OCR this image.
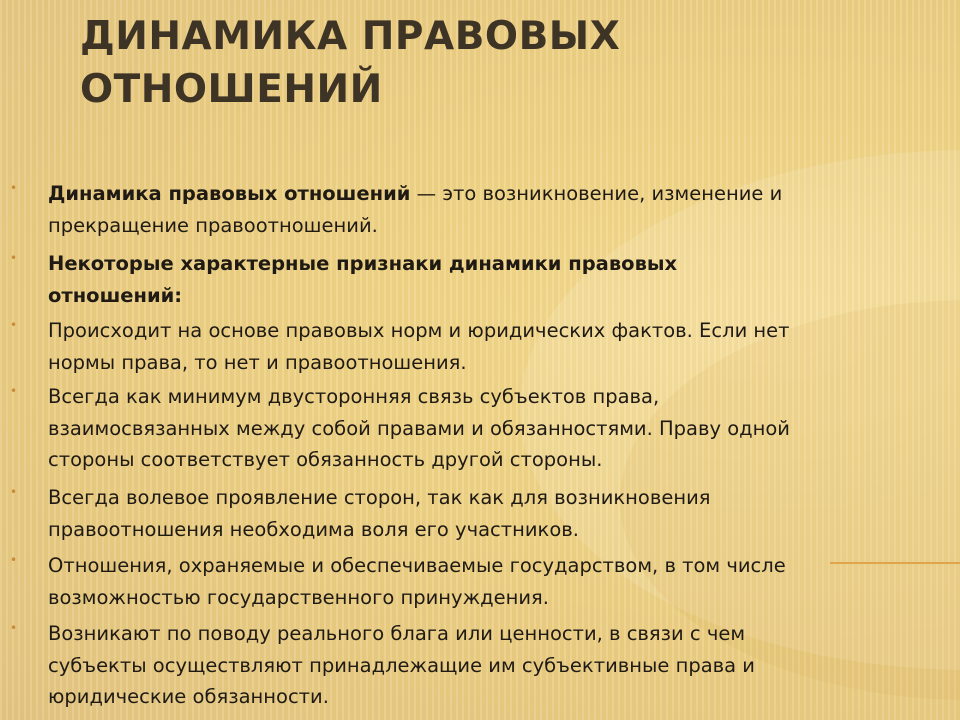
ДИНАМИКА ПРАВОВЫХ
ОТНОШЕНИЙ
• Динамика правовых отношений — это возникновение, изменение и прекращение правоотношений.
• Некоторые характерные признаки динамики правовых отношений:
• Происходит на основе правовых норм и юридических фактов. Если нет нормы права, то нет и правоотношения.
• Всегда как минимум двусторонняя связь субъектов права, взаимосвязанных между собой правами и обязанностями. Праву одной стороны соответствует обязанность другой стороны.
• Всегда волевое проявление сторон, так как для возникновения правоотношения необходима воля его участников.
• Отношения, охраняемые и обеспечиваемые государством, в том числе возможностью государственного принуждения.
• Возникают по поводу реального блага или ценности, в связи с чем субъекты осуществляют принадлежащие им субъективные права и юридические обязанности.
